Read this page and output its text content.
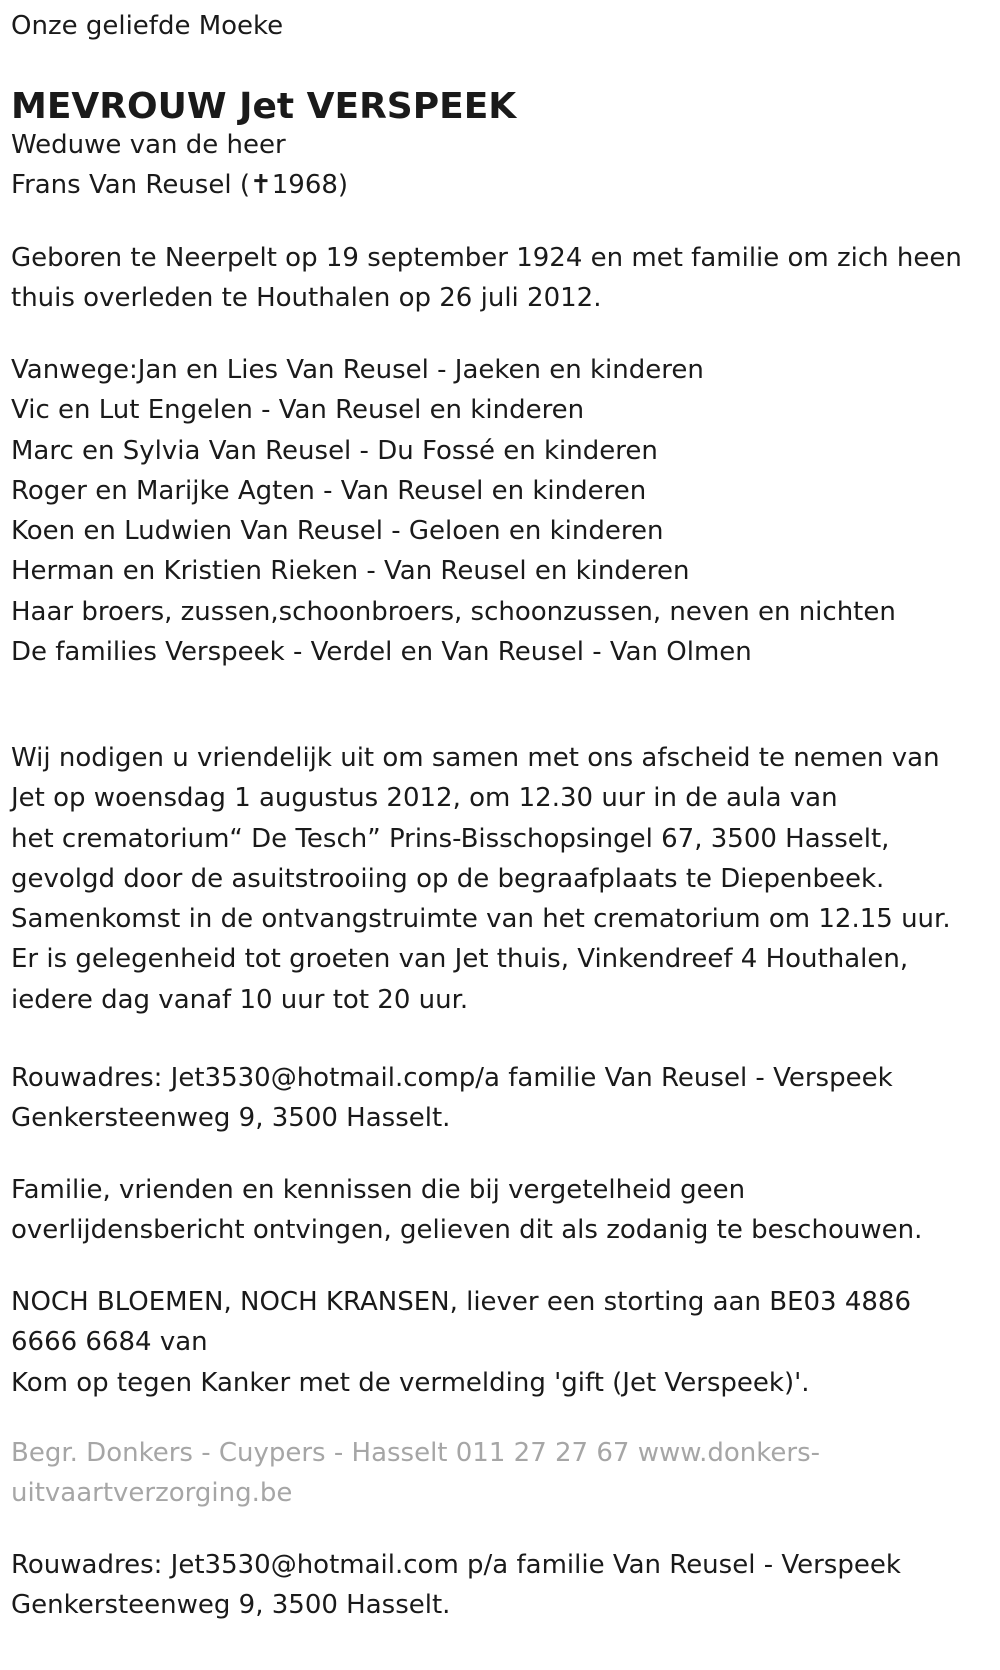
Onze geliefde Moeke

MEVROUW Jet VERSPEEK
Weduwe van de heer
Frans Van Reusel (✝1968)
Geboren te Neerpelt op 19 september 1924 en met familie om zich heen
thuis overleden te Houthalen op 26 juli 2012.
Vanwege:Jan en Lies Van Reusel - Jaeken en kinderen
Vic en Lut Engelen - Van Reusel en kinderen
Marc en Sylvia Van Reusel - Du Fossé en kinderen
Roger en Marijke Agten - Van Reusel en kinderen
Koen en Ludwien Van Reusel - Geloen en kinderen
Herman en Kristien Rieken - Van Reusel en kinderen
Haar broers, zussen,schoonbroers, schoonzussen, neven en nichten
De families Verspeek - Verdel en Van Reusel - Van Olmen
Wij nodigen u vriendelijk uit om samen met ons afscheid te nemen van
Jet op woensdag 1 augustus 2012, om 12.30 uur in de aula van
het crematorium“ De Tesch” Prins-Bisschopsingel 67, 3500 Hasselt,
gevolgd door de asuitstrooiing op de begraafplaats te Diepenbeek.
Samenkomst in de ontvangstruimte van het crematorium om 12.15 uur.
Er is gelegenheid tot groeten van Jet thuis, Vinkendreef 4 Houthalen,
iedere dag vanaf 10 uur tot 20 uur.
Rouwadres: Jet3530@hotmail.comp/a familie Van Reusel - Verspeek
Genkersteenweg 9, 3500 Hasselt.
Familie, vrienden en kennissen die bij vergetelheid geen
overlijdensbericht ontvingen, gelieven dit als zodanig te beschouwen.
NOCH BLOEMEN, NOCH KRANSEN, liever een storting aan BE03 4886
6666 6684 van
Kom op tegen Kanker met de vermelding 'gift (Jet Verspeek)'.
Begr. Donkers - Cuypers - Hasselt 011 27 27 67 www.donkers-
uitvaartverzorging.be
Rouwadres: Jet3530@hotmail.com p/a familie Van Reusel - Verspeek
Genkersteenweg 9, 3500 Hasselt.
